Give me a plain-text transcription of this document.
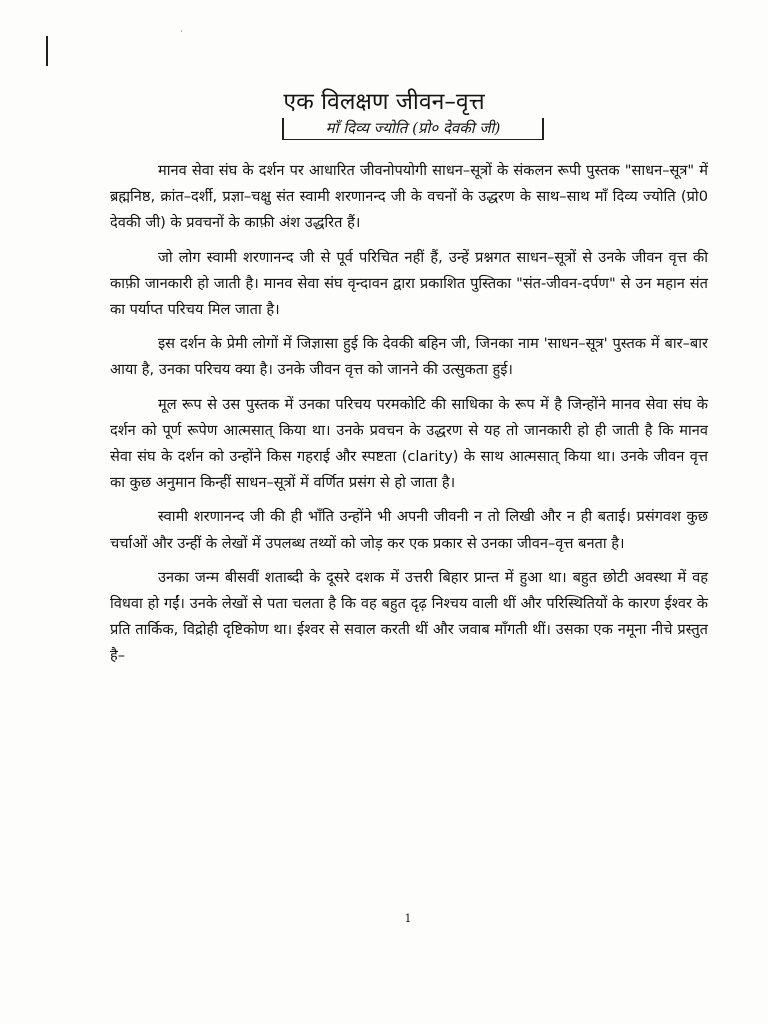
एक विलक्षण जीवन–वृत्त
माँ दिव्य ज्योति (प्रो० देवकी जी)

मानव सेवा संघ के दर्शन पर आधारित जीवनोपयोगी साधन–सूत्रों के संकलन रूपी पुस्तक "साधन–सूत्र" में ब्रह्मनिष्ठ, क्रांत–दर्शी, प्रज्ञा–चक्षु संत स्वामी शरणानन्द जी के वचनों के उद्धरण के साथ–साथ माँ दिव्य ज्योति (प्रो0 देवकी जी) के प्रवचनों के काफ़ी अंश उद्धरित हैं।

जो लोग स्वामी शरणानन्द जी से पूर्व परिचित नहीं हैं, उन्हें प्रश्नगत साधन–सूत्रों से उनके जीवन वृत्त की काफ़ी जानकारी हो जाती है। मानव सेवा संघ वृन्दावन द्वारा प्रकाशित पुस्तिका "संत-जीवन-दर्पण" से उन महान संत का पर्याप्त परिचय मिल जाता है।

इस दर्शन के प्रेमी लोगों में जिज्ञासा हुई कि देवकी बहिन जी, जिनका नाम 'साधन–सूत्र' पुस्तक में बार–बार आया है, उनका परिचय क्या है। उनके जीवन वृत्त को जानने की उत्सुकता हुई।

मूल रूप से उस पुस्तक में उनका परिचय परमकोटि की साधिका के रूप में है जिन्होंने मानव सेवा संघ के दर्शन को पूर्ण रूपेण आत्मसात् किया था। उनके प्रवचन के उद्धरण से यह तो जानकारी हो ही जाती है कि मानव सेवा संघ के दर्शन को उन्होंने किस गहराई और स्पष्टता (clarity) के साथ आत्मसात् किया था। उनके जीवन वृत्त का कुछ अनुमान किन्हीं साधन–सूत्रों में वर्णित प्रसंग से हो जाता है।

स्वामी शरणानन्द जी की ही भाँति उन्होंने भी अपनी जीवनी न तो लिखी और न ही बताई। प्रसंगवश कुछ चर्चाओं और उन्हीं के लेखों में उपलब्ध तथ्यों को जोड़ कर एक प्रकार से उनका जीवन–वृत्त बनता है।

उनका जन्म बीसवीं शताब्दी के दूसरे दशक में उत्तरी बिहार प्रान्त में हुआ था। बहुत छोटी अवस्था में वह विधवा हो गईं। उनके लेखों से पता चलता है कि वह बहुत दृढ़ निश्चय वाली थीं और परिस्थितियों के कारण ईश्वर के प्रति तार्किक, विद्रोही दृष्टिकोण था। ईश्वर से सवाल करती थीं और जवाब माँगती थीं। उसका एक नमूना नीचे प्रस्तुत है–

1
